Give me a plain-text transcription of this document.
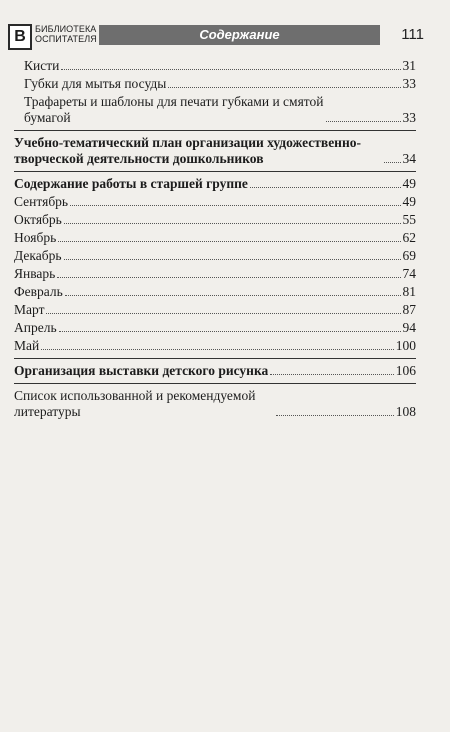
B	БИБЛИОТЕКА
ОСПИТАТЕЛЯ	Содержание	111
Кисти	31
Губки для мытья посуды	33
Трафареты и шаблоны для печати губками и смятой бумагой	33
Учебно-тематический план организации художественно-творческой деятельности дошкольников	34
Содержание работы в старшей группе	49
Сентябрь	49
Октябрь	55
Ноябрь	62
Декабрь	69
Январь	74
Февраль	81
Март	87
Апрель	94
Май	100
Организация выставки детского рисунка	106
Список использованной и рекомендуемой литературы	108
